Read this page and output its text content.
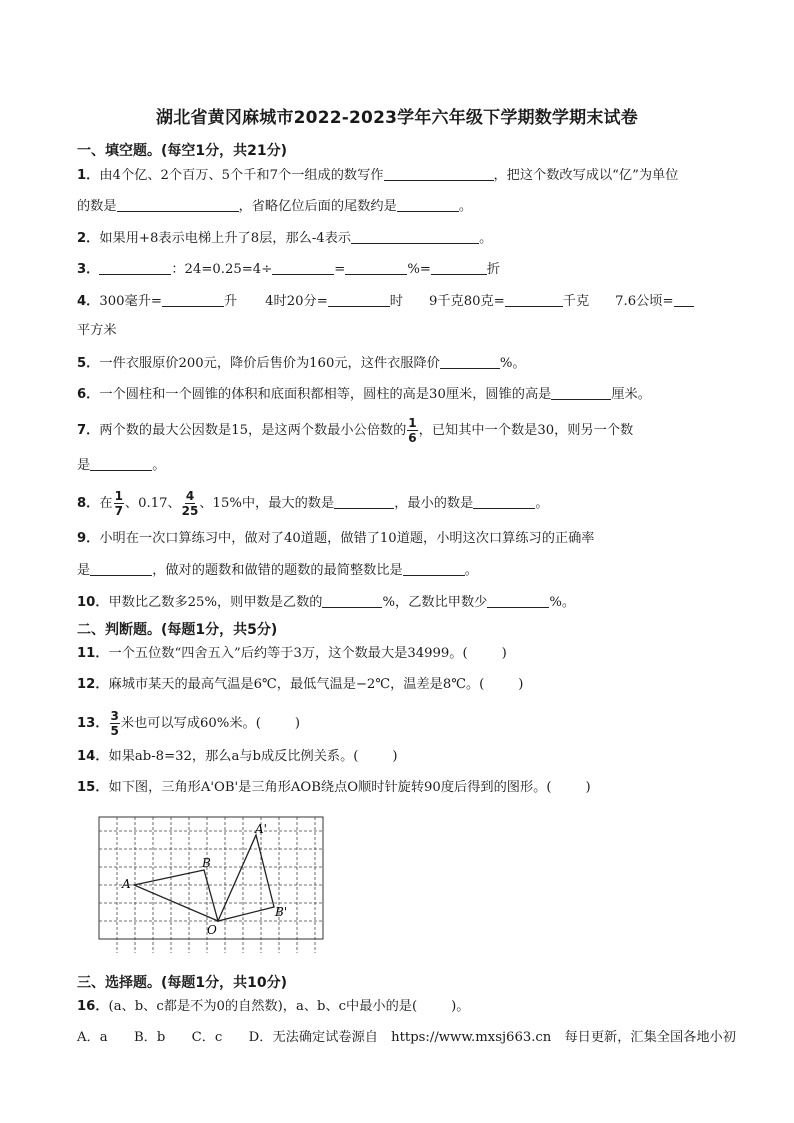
湖北省黄冈麻城市2022-2023学年六年级下学期数学期末试卷
一、填空题。(每空1分，共21分)
1．由4个亿、2个百万、5个千和7个一组成的数写作	，把这个数改写成以“亿”为单位
的数是	，省略亿位后面的尾数约是	。
2．如果用+8表示电梯上升了8层，那么-4表示	。
3．	：24=0.25=4÷	=	%=	折
4．300毫升=	升 4时20分=	时 9千克80克=	千克 7.6公顷=
平方米
5．一件衣服原价200元，降价后售价为160元，这件衣服降价	%。
6．一个圆柱和一个圆锥的体积和底面积都相等，圆柱的高是30厘米，圆锥的高是	厘米。
7．两个数的最大公因数是15，是这两个数最小公倍数的 $\frac{1}{6}$ ，已知其中一个数是30，则另一个数
是	。
8．在 $\frac{1}{7}$ 、0.17、 $\frac{4}{25}$ 、15%中，最大的数是	，最小的数是	。
9．小明在一次口算练习中，做对了40道题，做错了10道题，小明这次口算练习的正确率
是	，做对的题数和做错的题数的最简整数比是	。
10．甲数比乙数多25%，则甲数是乙数的	%，乙数比甲数少	%。
二、判断题。(每题1分，共5分)
11．一个五位数“四舍五入”后约等于3万，这个数最大是34999。(	)
12．麻城市某天的最高气温是6℃，最低气温是−2℃，温差是8℃。(	)
13． $\frac{3}{5}$ 米也可以写成60%米。(	)
14．如果ab-8=32，那么a与b成反比例关系。(	)
15．如下图，三角形A'OB'是三角形AOB绕点O顺时针旋转90度后得到的图形。(	)
A
B
O
A'
B'
三、选择题。(每题1分，共10分)
16．(a、b、c都是不为0的自然数)，a、b、c中最小的是(	)。
A．a　　B．b　　C．c　　D．无法确定试卷源自　https://www.mxsj663.cn　每日更新，汇集全国各地小初
